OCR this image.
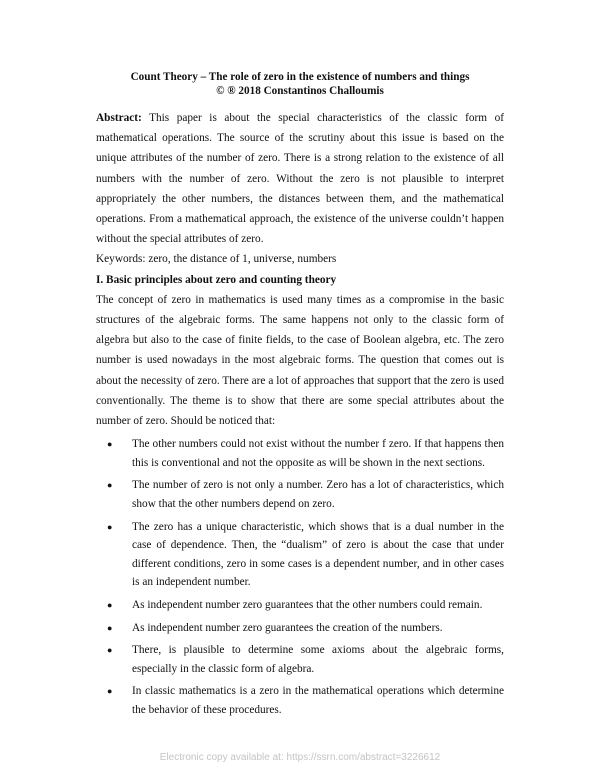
Count Theory – The role of zero in the existence of numbers and things
© ® 2018 Constantinos Challoumis

Abstract: This paper is about the special characteristics of the classic form of mathematical operations. The source of the scrutiny about this issue is based on the unique attributes of the number of zero. There is a strong relation to the existence of all numbers with the number of zero. Without the zero is not plausible to interpret appropriately the other numbers, the distances between them, and the mathematical operations. From a mathematical approach, the existence of the universe couldn’t happen without the special attributes of zero.

Keywords: zero, the distance of 1, universe, numbers

I. Basic principles about zero and counting theory

The concept of zero in mathematics is used many times as a compromise in the basic structures of the algebraic forms. The same happens not only to the classic form of algebra but also to the case of finite fields, to the case of Boolean algebra, etc. The zero number is used nowadays in the most algebraic forms. The question that comes out is about the necessity of zero. There are a lot of approaches that support that the zero is used conventionally. The theme is to show that there are some special attributes about the number of zero. Should be noticed that:

● The other numbers could not exist without the number f zero. If that happens then this is conventional and not the opposite as will be shown in the next sections.
● The number of zero is not only a number. Zero has a lot of characteristics, which show that the other numbers depend on zero.
● The zero has a unique characteristic, which shows that is a dual number in the case of dependence. Then, the “dualism” of zero is about the case that under different conditions, zero in some cases is a dependent number, and in other cases is an independent number.
● As independent number zero guarantees that the other numbers could remain.
● As independent number zero guarantees the creation of the numbers.
● There, is plausible to determine some axioms about the algebraic forms, especially in the classic form of algebra.
● In classic mathematics is a zero in the mathematical operations which determine the behavior of these procedures.
Electronic copy available at: https://ssrn.com/abstract=3226612
